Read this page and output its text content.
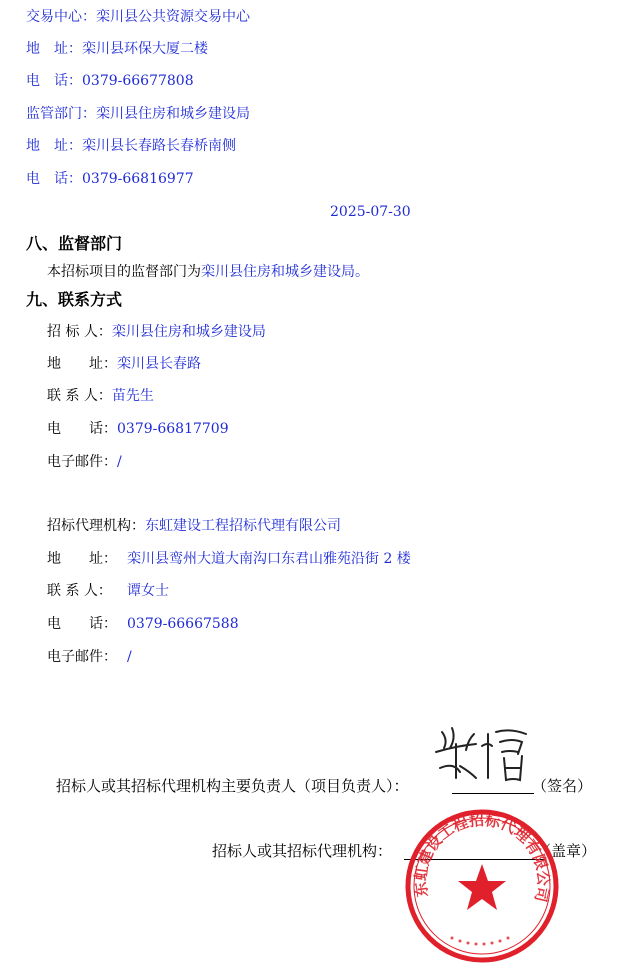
交易中心：栾川县公共资源交易中心
地　址：栾川县环保大厦二楼
电　话：0379-66677808
监管部门：栾川县住房和城乡建设局
地　址：栾川县长春路长春桥南侧
电　话：0379-66816977
2025-07-30
八、监督部门
本招标项目的监督部门为栾川县住房和城乡建设局。
九、联系方式
招 标 人：栾川县住房和城乡建设局
地　　址：栾川县长春路
联 系 人：苗先生
电　　话：0379-66817709
电子邮件：/
招标代理机构：东虹建设工程招标代理有限公司
地　　址： 栾川县鸾州大道大南沟口东君山雅苑沿街 2 楼
联 系 人： 谭女士
电　　话： 0379-66667588
电子邮件： /
招标人或其招标代理机构主要负责人（项目负责人）：	（签名）
招标人或其招标代理机构：	（盖章）
东虹建设工程招标代理有限公司
